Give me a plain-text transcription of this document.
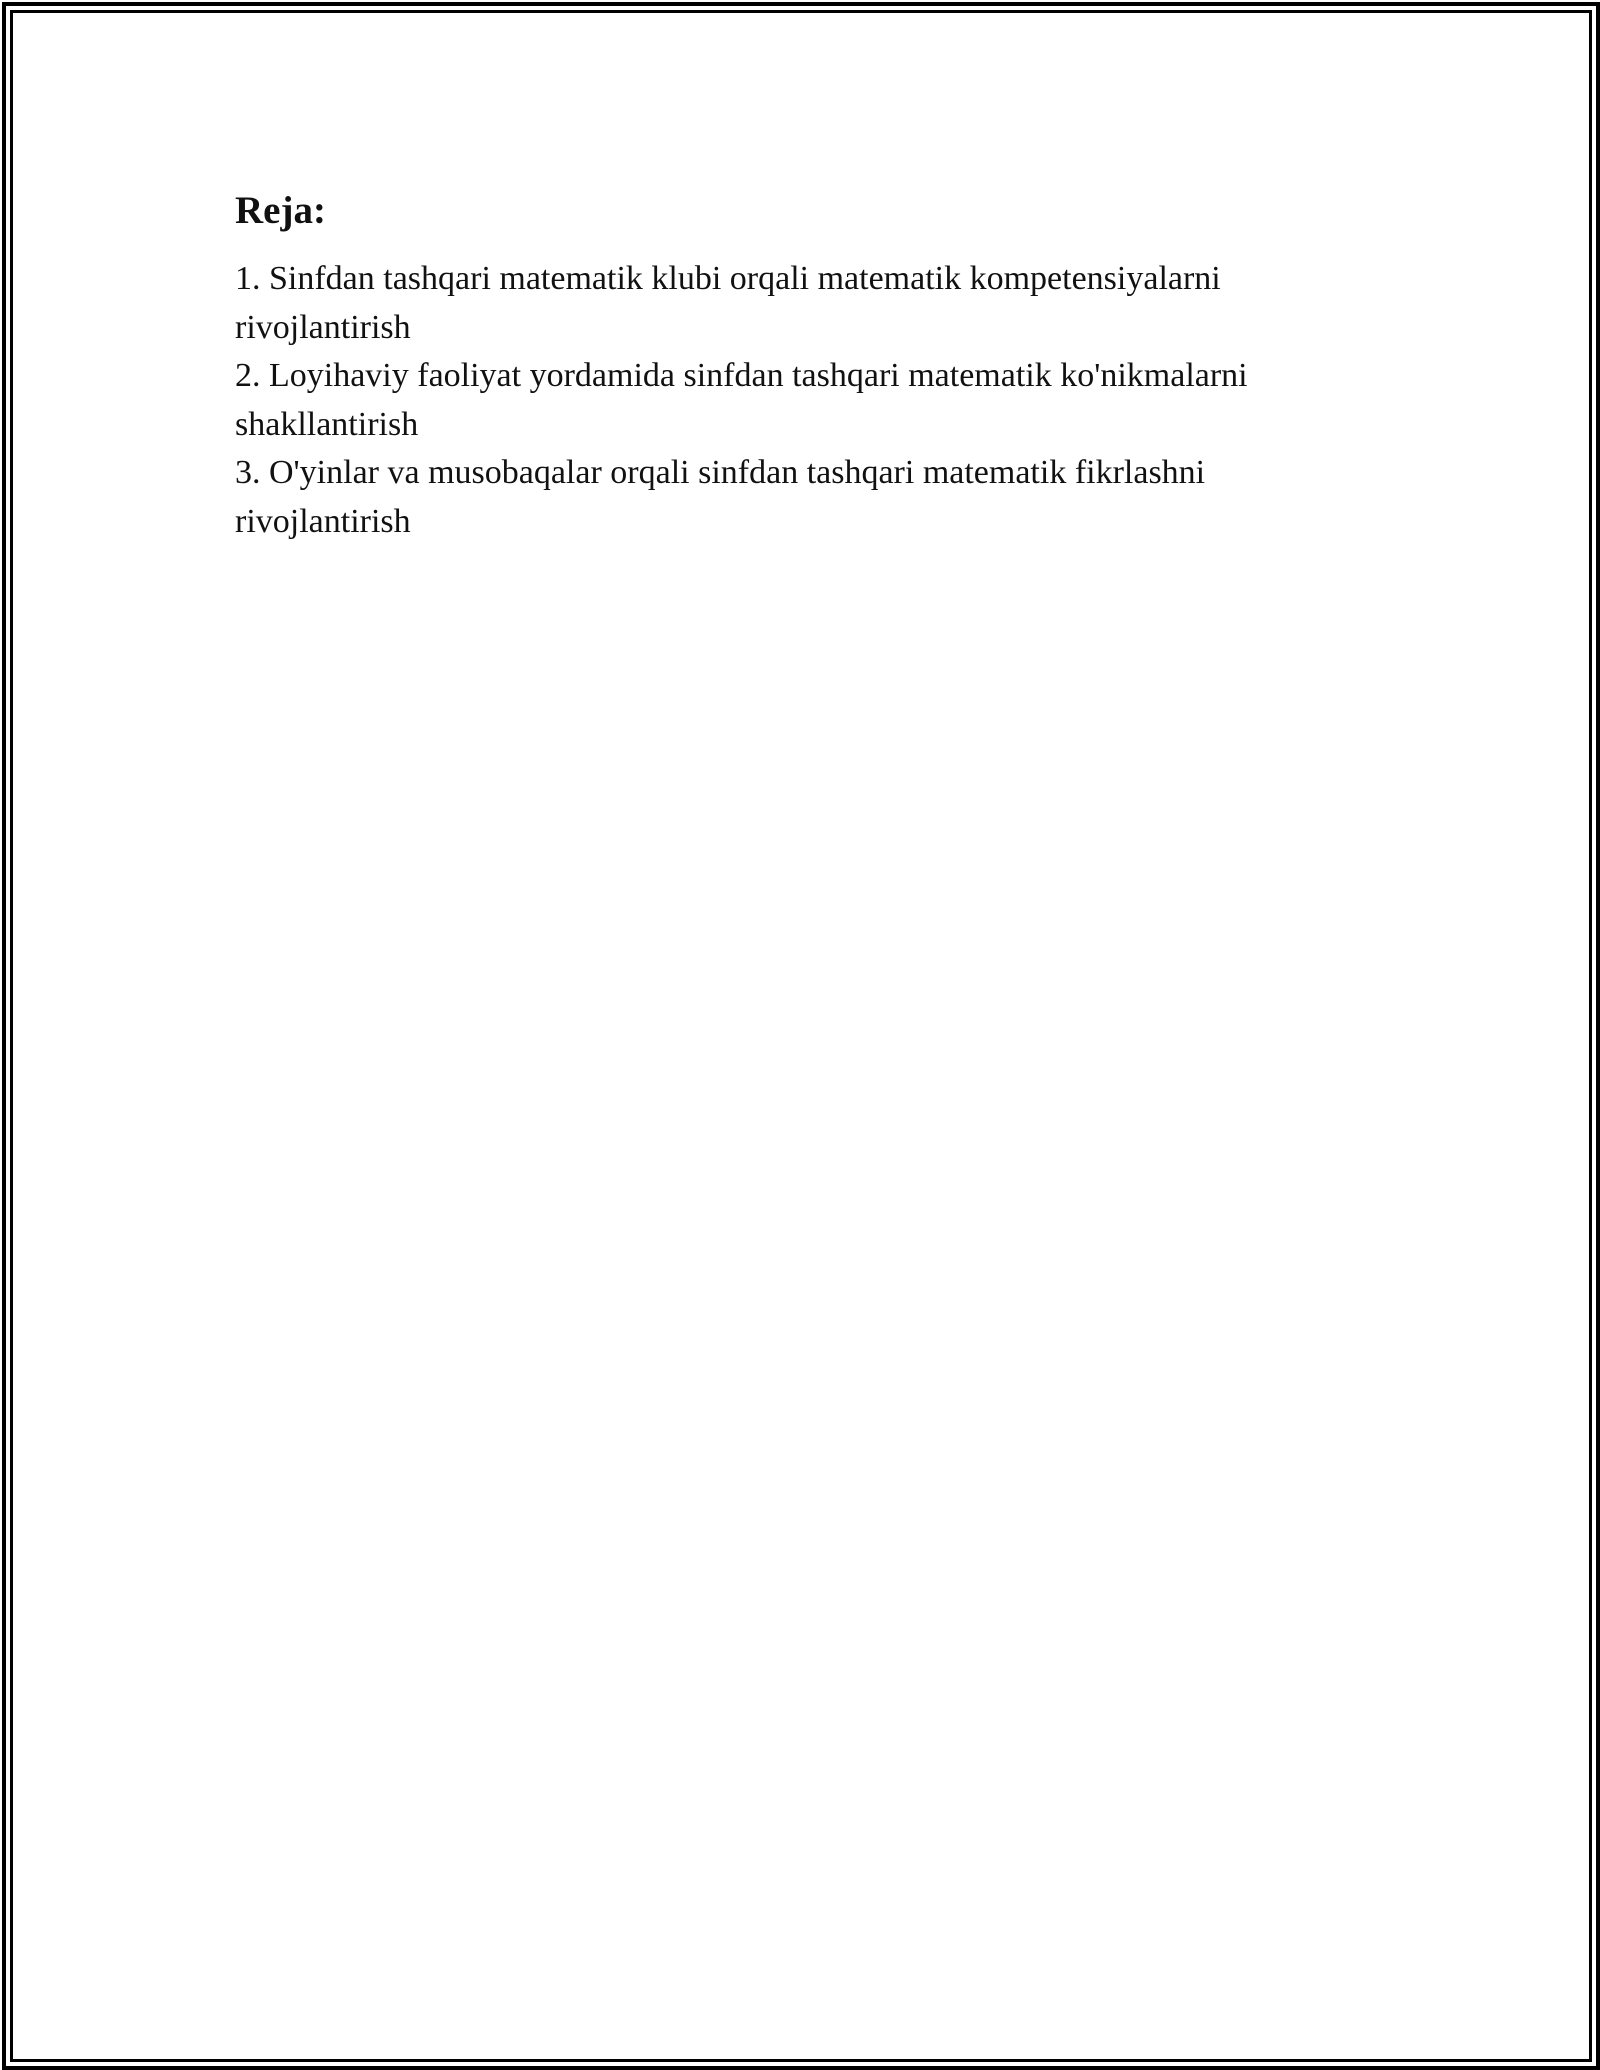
Reja:
1. Sinfdan tashqari matematik klubi orqali matematik kompetensiyalarni rivojlantirish
2. Loyihaviy faoliyat yordamida sinfdan tashqari matematik ko'nikmalarni shakllantirish
3. O'yinlar va musobaqalar orqali sinfdan tashqari matematik fikrlashni rivojlantirish
